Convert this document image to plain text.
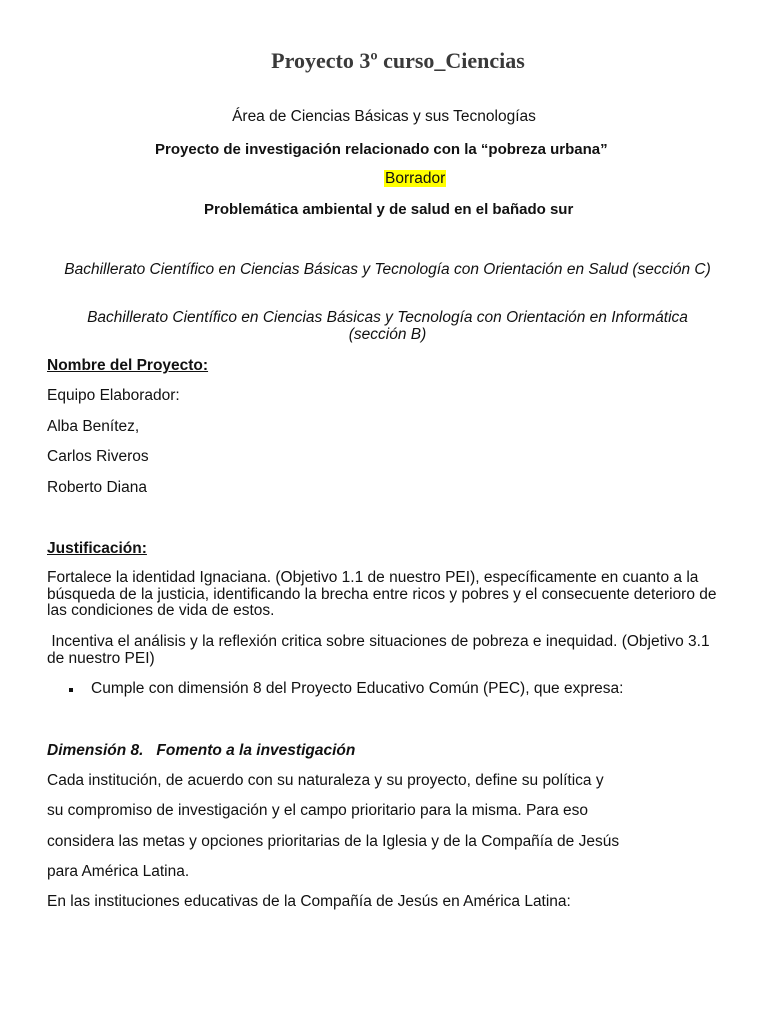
Proyecto 3º curso_Ciencias
Área de Ciencias Básicas y sus Tecnologías
Proyecto de investigación relacionado con la “pobreza urbana”
Borrador
Problemática ambiental y de salud en el bañado sur
Bachillerato Científico en Ciencias Básicas y Tecnología con Orientación en Salud (sección C)
Bachillerato Científico en Ciencias Básicas y Tecnología con Orientación en Informática (sección B)
Nombre del Proyecto:
Equipo Elaborador:
Alba Benítez,
Carlos Riveros
Roberto Diana
Justificación:
Fortalece la identidad Ignaciana. (Objetivo 1.1 de nuestro PEI), específicamente en cuanto a la búsqueda de la justicia, identificando la brecha entre ricos y pobres y el consecuente deterioro de las condiciones de vida de estos.
Incentiva el análisis y la reflexión critica sobre situaciones de pobreza e inequidad. (Objetivo 3.1 de nuestro PEI)
Cumple con dimensión 8 del Proyecto Educativo Común (PEC), que expresa:
Dimensión 8.   Fomento a la investigación
Cada institución, de acuerdo con su naturaleza y su proyecto, define su política y
su compromiso de investigación y el campo prioritario para la misma. Para eso
considera las metas y opciones prioritarias de la Iglesia y de la Compañía de Jesús
para América Latina.
En las instituciones educativas de la Compañía de Jesús en América Latina:
